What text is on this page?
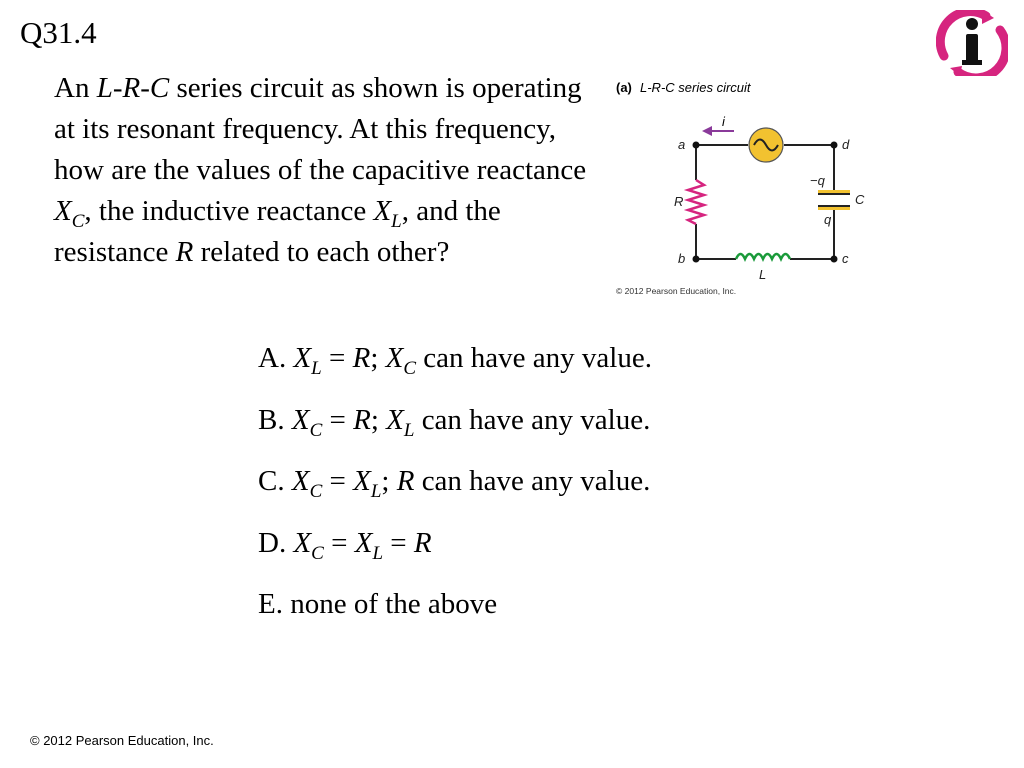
Q31.4
An L-R-C series circuit as shown is operating at its resonant frequency. At this frequency, how are the values of the capacitive reactance $X_C$, the inductive reactance $X_L$, and the resistance R related to each other?
(a) L-R-C series circuit
i
a	d
b	c
R
L
C
−q
q
© 2012 Pearson Education, Inc.
A. $X_L = R$; $X_C$ can have any value.
B. $X_C = R$; $X_L$ can have any value.
C. $X_C = X_L$; R can have any value.
D. $X_C = X_L = R$
E. none of the above
© 2012 Pearson Education, Inc.
